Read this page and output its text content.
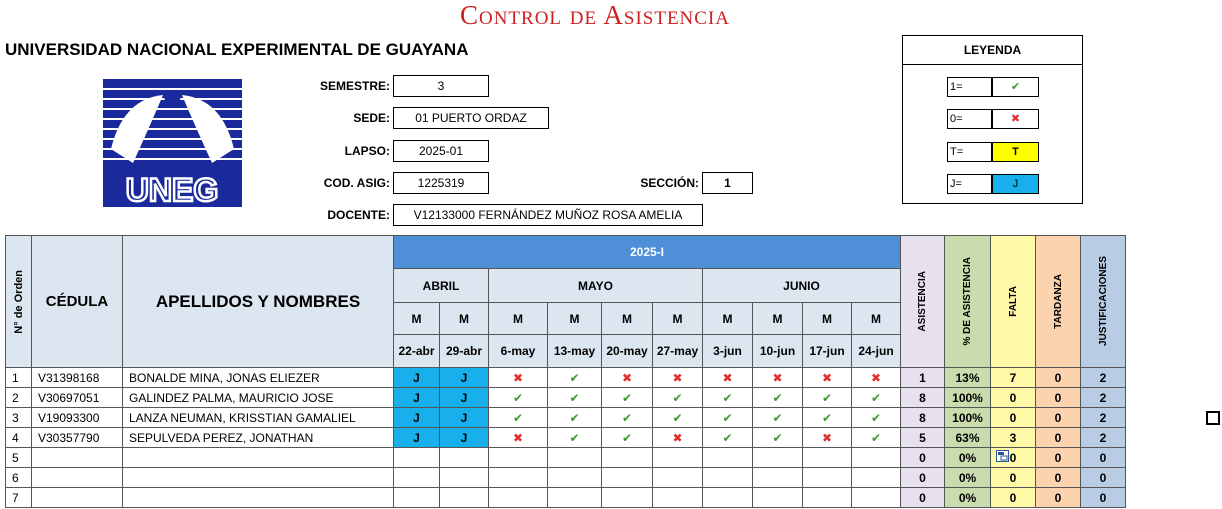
Control de Asistencia
UNIVERSIDAD NACIONAL EXPERIMENTAL DE GUAYANA
UNEG
SEMESTRE:	3
SEDE:	01 PUERTO ORDAZ
LAPSO:	2025-01
COD. ASIG:	1225319	SECCIÓN:	1
DOCENTE:	V12133000 FERNÁNDEZ MUÑOZ ROSA AMELIA
LEYENDA
1=	✔
0=	✖
T=	T
J=	J
N° de Orden	CÉDULA	APELLIDOS Y NOMBRES	2025-I										ASISTENCIA	% DE ASISTENCIA	FALTA	TARDANZA	JUSTIFICACIONES

			ABRIL		MAYO				JUNIO								
			M	M	M	M	M	M	M	M	M	M					
			22-abr	29-abr	6-may	13-may	20-may	27-may	3-jun	10-jun	17-jun	24-jun					
1	V31398168	BONALDE MINA, JONAS ELIEZER	J	J	✖	✔	✖	✖	✖	✖	✖	✖	1	13%	7	0	2
2	V30697051	GALINDEZ PALMA, MAURICIO JOSE	J	J	✔	✔	✔	✔	✔	✔	✔	✔	8	100%	0	0	2
3	V19093300	LANZA NEUMAN, KRISSTIAN GAMALIEL	J	J	✔	✔	✔	✔	✔	✔	✔	✔	8	100%	0	0	2
4	V30357790	SEPULVEDA PEREZ, JONATHAN	J	J	✖	✔	✔	✖	✔	✔	✖	✔	5	63%	3	0	2
5													0	0%	0	0	0
6													0	0%	0	0	0
7													0	0%	0	0	0
